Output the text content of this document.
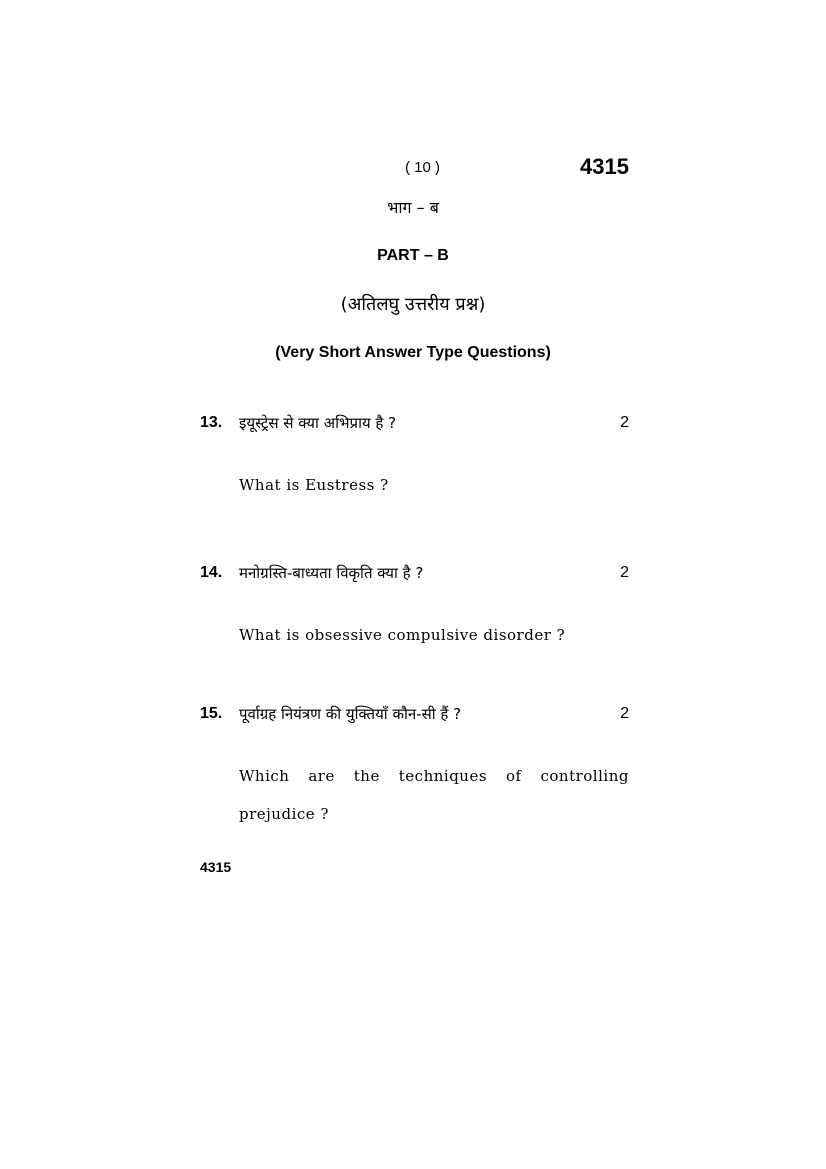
( 10 )	4315
भाग – ब
PART – B
(अतिलघु उत्तरीय प्रश्न)
(Very Short Answer Type Questions)
13. इयूस्ट्रेस से क्या अभिप्राय है ?	2
What is Eustress ?
14. मनोग्रस्ति-बाध्यता विकृति क्या है ?	2
What is obsessive compulsive disorder ?
15. पूर्वाग्रह नियंत्रण की युक्तियाँ कौन-सी हैं ?	2
Which are the techniques of controlling
prejudice ?
4315
